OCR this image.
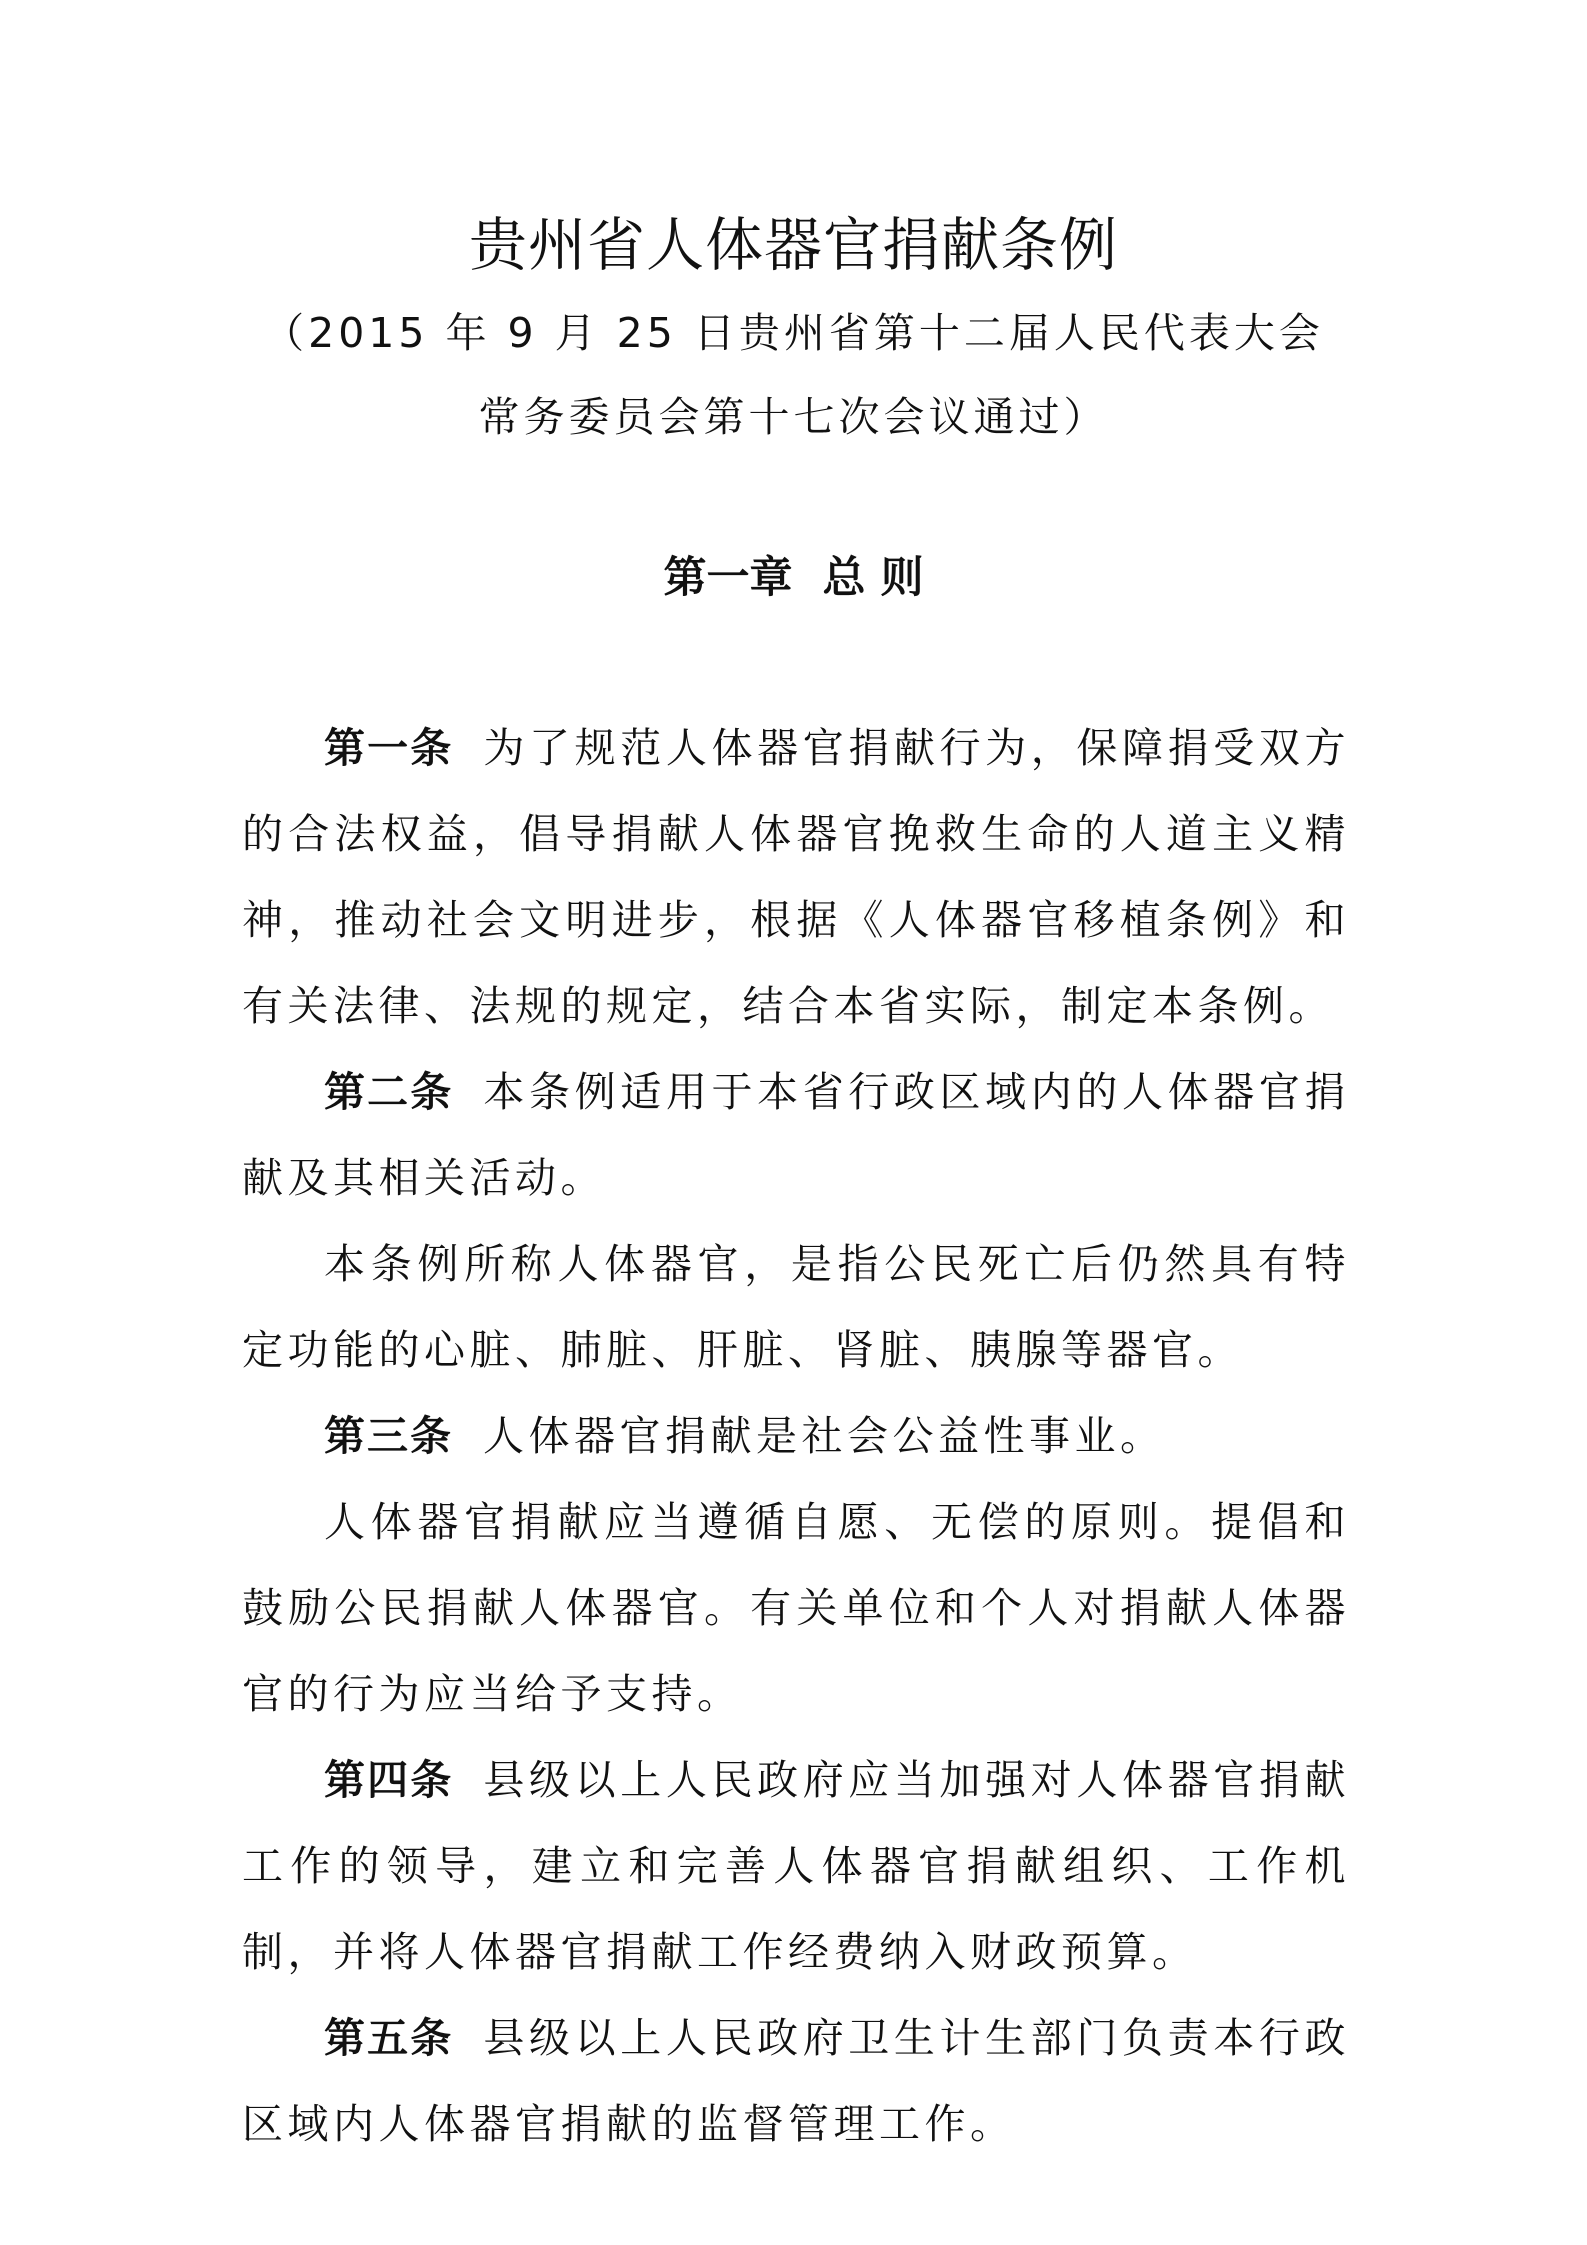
贵州省人体器官捐献条例
（2015 年 9 月 25 日贵州省第十二届人民代表大会
常务委员会第十七次会议通过）
第一章 总 则

第一条 为了规范人体器官捐献行为，保障捐受双方的合法权益，倡导捐献人体器官挽救生命的人道主义精神，推动社会文明进步，根据《人体器官移植条例》和有关法律、法规的规定，结合本省实际，制定本条例。

第二条 本条例适用于本省行政区域内的人体器官捐献及其相关活动。

本条例所称人体器官，是指公民死亡后仍然具有特定功能的心脏、肺脏、肝脏、肾脏、胰腺等器官。

第三条 人体器官捐献是社会公益性事业。

人体器官捐献应当遵循自愿、无偿的原则。提倡和鼓励公民捐献人体器官。有关单位和个人对捐献人体器官的行为应当给予支持。

第四条 县级以上人民政府应当加强对人体器官捐献工作的领导，建立和完善人体器官捐献组织、工作机制，并将人体器官捐献工作经费纳入财政预算。

第五条 县级以上人民政府卫生计生部门负责本行政区域内人体器官捐献的监督管理工作。
